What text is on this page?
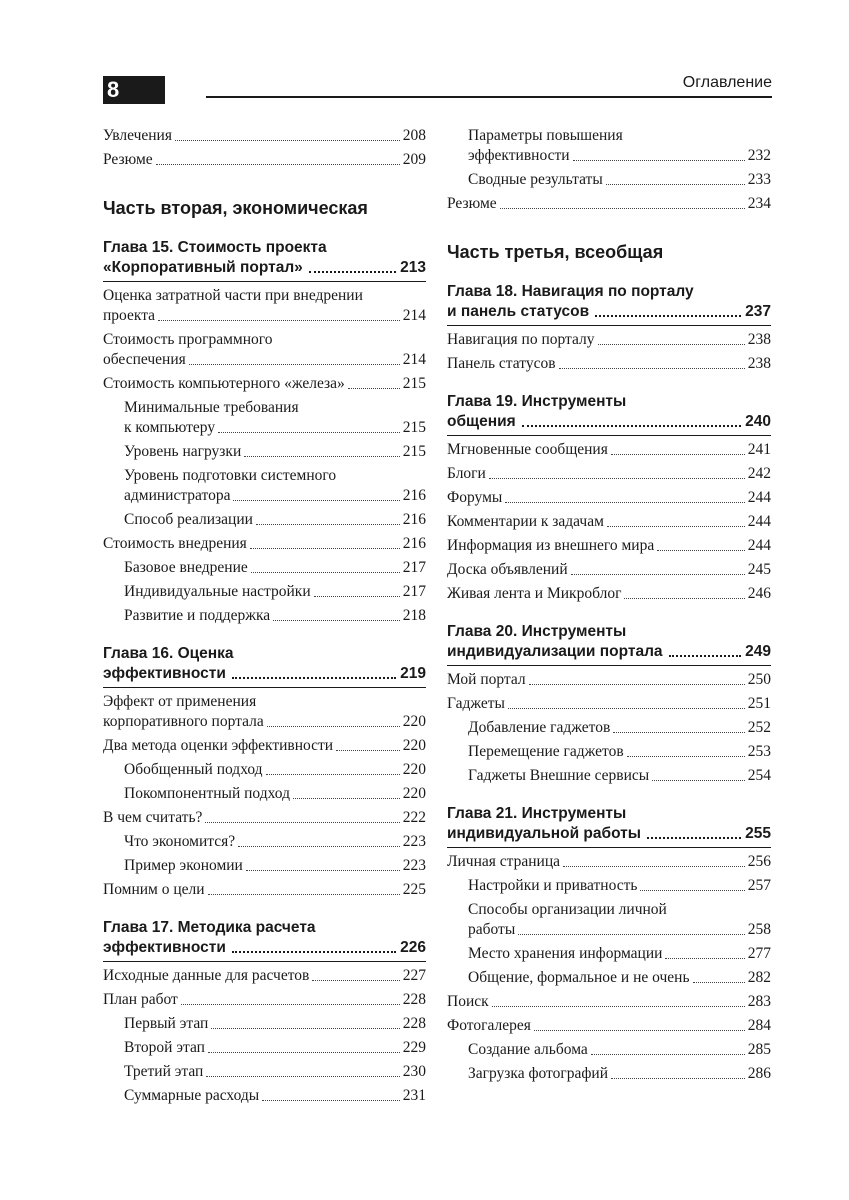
8	Оглавление
Увлечения	208
Резюме	209
Часть вторая, экономическая
Глава 15. Стоимость проекта
«Корпоративный портал»	213
Оценка затратной части при внедрении
проекта	214
Стоимость программного
обеспечения	214
Стоимость компьютерного «железа»	215
Минимальные требования
к компьютеру	215
Уровень нагрузки	215
Уровень подготовки системного
администратора	216
Способ реализации	216
Стоимость внедрения	216
Базовое внедрение	217
Индивидуальные настройки	217
Развитие и поддержка	218
Глава 16. Оценка
эффективности	219
Эффект от применения
корпоративного портала	220
Два метода оценки эффективности	220
Обобщенный подход	220
Покомпонентный подход	220
В чем считать?	222
Что экономится?	223
Пример экономии	223
Помним о цели	225
Глава 17. Методика расчета
эффективности	226
Исходные данные для расчетов	227
План работ	228
Первый этап	228
Второй этап	229
Третий этап	230
Суммарные расходы	231
Параметры повышения
эффективности	232
Сводные результаты	233
Резюме	234
Часть третья, всеобщая
Глава 18. Навигация по порталу
и панель статусов	237
Навигация по порталу	238
Панель статусов	238
Глава 19. Инструменты
общения	240
Мгновенные сообщения	241
Блоги	242
Форумы	244
Комментарии к задачам	244
Информация из внешнего мира	244
Доска объявлений	245
Живая лента и Микроблог	246
Глава 20. Инструменты
индивидуализации портала	249
Мой портал	250
Гаджеты	251
Добавление гаджетов	252
Перемещение гаджетов	253
Гаджеты Внешние сервисы	254
Глава 21. Инструменты
индивидуальной работы	255
Личная страница	256
Настройки и приватность	257
Способы организации личной
работы	258
Место хранения информации	277
Общение, формальное и не очень	282
Поиск	283
Фотогалерея	284
Создание альбома	285
Загрузка фотографий	286
